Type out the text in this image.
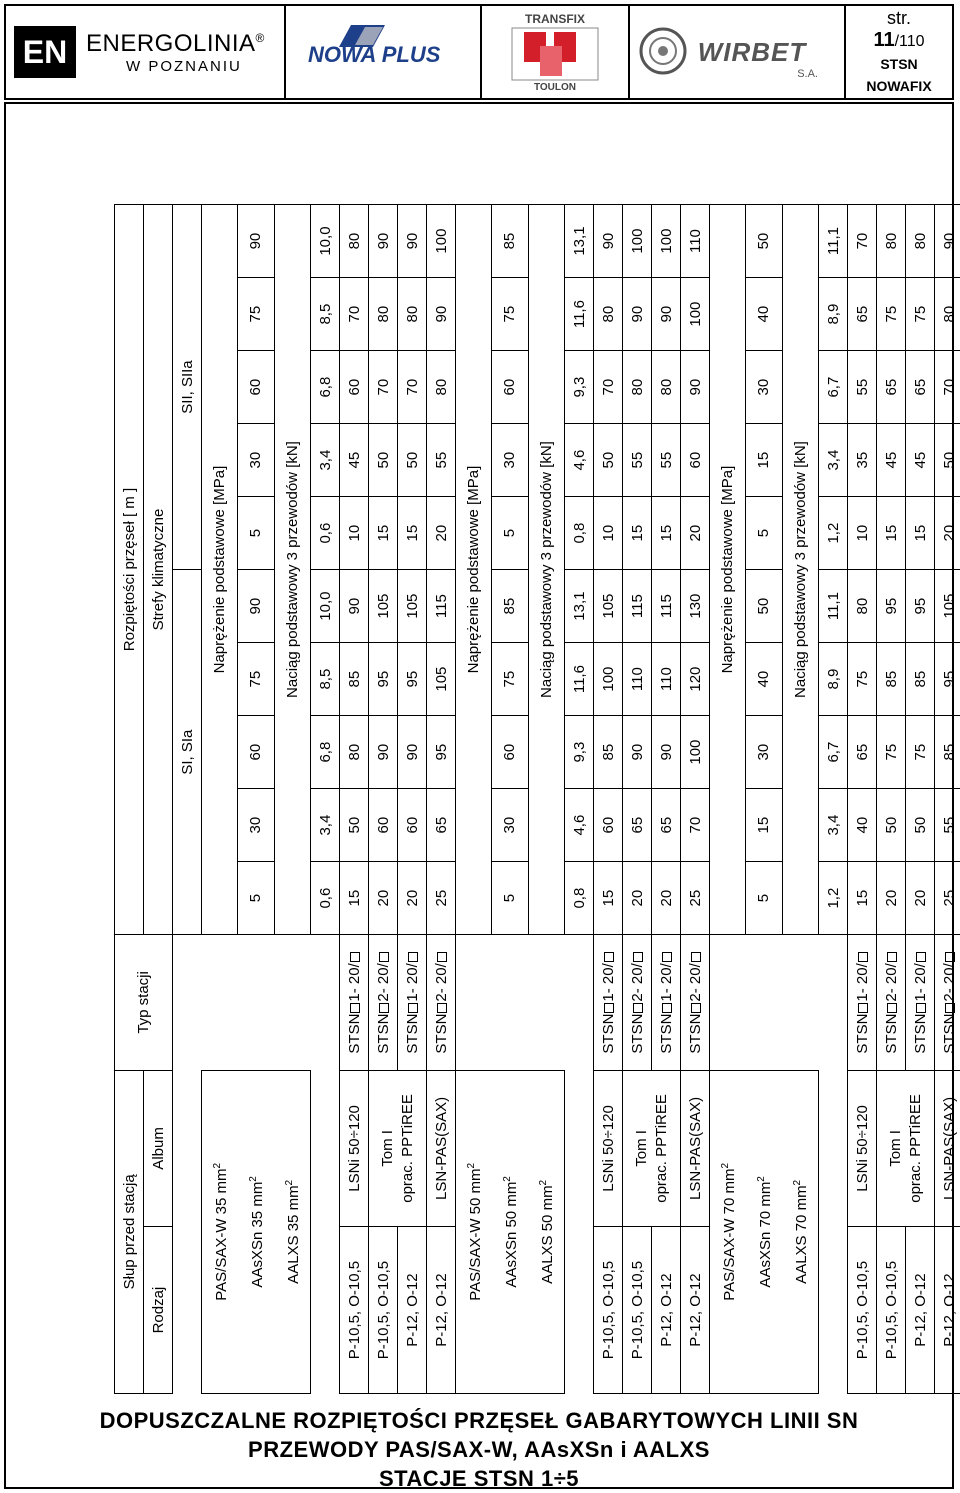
EN ENERGOLINIA®
W POZNANIU	NOWA PLUS
TRANSFIX
TOULON
WIRBET
S.A.
str.
11/110
STSN
NOWAFIX
Słup przed stacją		Typ stacji	Rozpiętości przęseł [ m ]									
Rodzaj	Album		Strefy klimatyczne									
			SI, SIa					SII, SIIa				

PAS/SAX-W 35 $mm^2$
AAsXSn 35 $mm^2$
AALXS 35 $mm^2$			Naprężenie podstawowe [MPa]									
			5	30	60	75	90	5	30	60	75	90
			Naciąg podstawowy 3 przewodów [kN]									
			0,6	3,4	6,8	8,5	10,0	0,6	3,4	6,8	8,5	10,0
P-10,5, O-10,5	LSNi 50÷120	STSN1- 20/	15	50	80	85	90	10	45	60	70	80
P-10,5, O-10,5	Tom I oprac. PPTiREE	STSN2- 20/	20	60	90	95	105	15	50	70	80	90
P-12, O-12		STSN1- 20/	20	60	90	95	105	15	50	70	80	90
P-12, O-12	LSN-PAS(SAX)	STSN2- 20/	25	65	95	105	115	20	55	80	90	100

PAS/SAX-W 50 $mm^2$
AAsXSn 50 $mm^2$
AALXS 50 $mm^2$			Naprężenie podstawowe [MPa]									
			5	30	60	75	85	5	30	60	75	85
			Naciąg podstawowy 3 przewodów [kN]									
			0,8	4,6	9,3	11,6	13,1	0,8	4,6	9,3	11,6	13,1
P-10,5, O-10,5	LSNi 50÷120	STSN1- 20/	15	60	85	100	105	10	50	70	80	90
P-10,5, O-10,5	Tom I oprac. PPTiREE	STSN2- 20/	20	65	90	110	115	15	55	80	90	100
P-12, O-12		STSN1- 20/	20	65	90	110	115	15	55	80	90	100
P-12, O-12	LSN-PAS(SAX)	STSN2- 20/	25	70	100	120	130	20	60	90	100	110

PAS/SAX-W 70 $mm^2$
AAsXSn 70 $mm^2$
AALXS 70 $mm^2$			Naprężenie podstawowe [MPa]									
			5	15	30	40	50	5	15	30	40	50
			Naciąg podstawowy 3 przewodów [kN]									
			1,2	3,4	6,7	8,9	11,1	1,2	3,4	6,7	8,9	11,1
P-10,5, O-10,5	LSNi 50÷120	STSN1- 20/	15	40	65	75	80	10	35	55	65	70
P-10,5, O-10,5	Tom I oprac. PPTiREE	STSN2- 20/	20	50	75	85	95	15	45	65	75	80
P-12, O-12		STSN1- 20/	20	50	75	85	95	15	45	65	75	80
P-12, O-12	LSN-PAS(SAX)	STSN2- 20/	25	55	85	95	105	20	50	70	80	90
DOPUSZCZALNE ROZPIĘTOŚCI PRZĘSEŁ GABARYTOWYCH LINII SN
PRZEWODY PAS/SAX-W, AAsXSn i AALXS
STACJE STSN 1÷5
